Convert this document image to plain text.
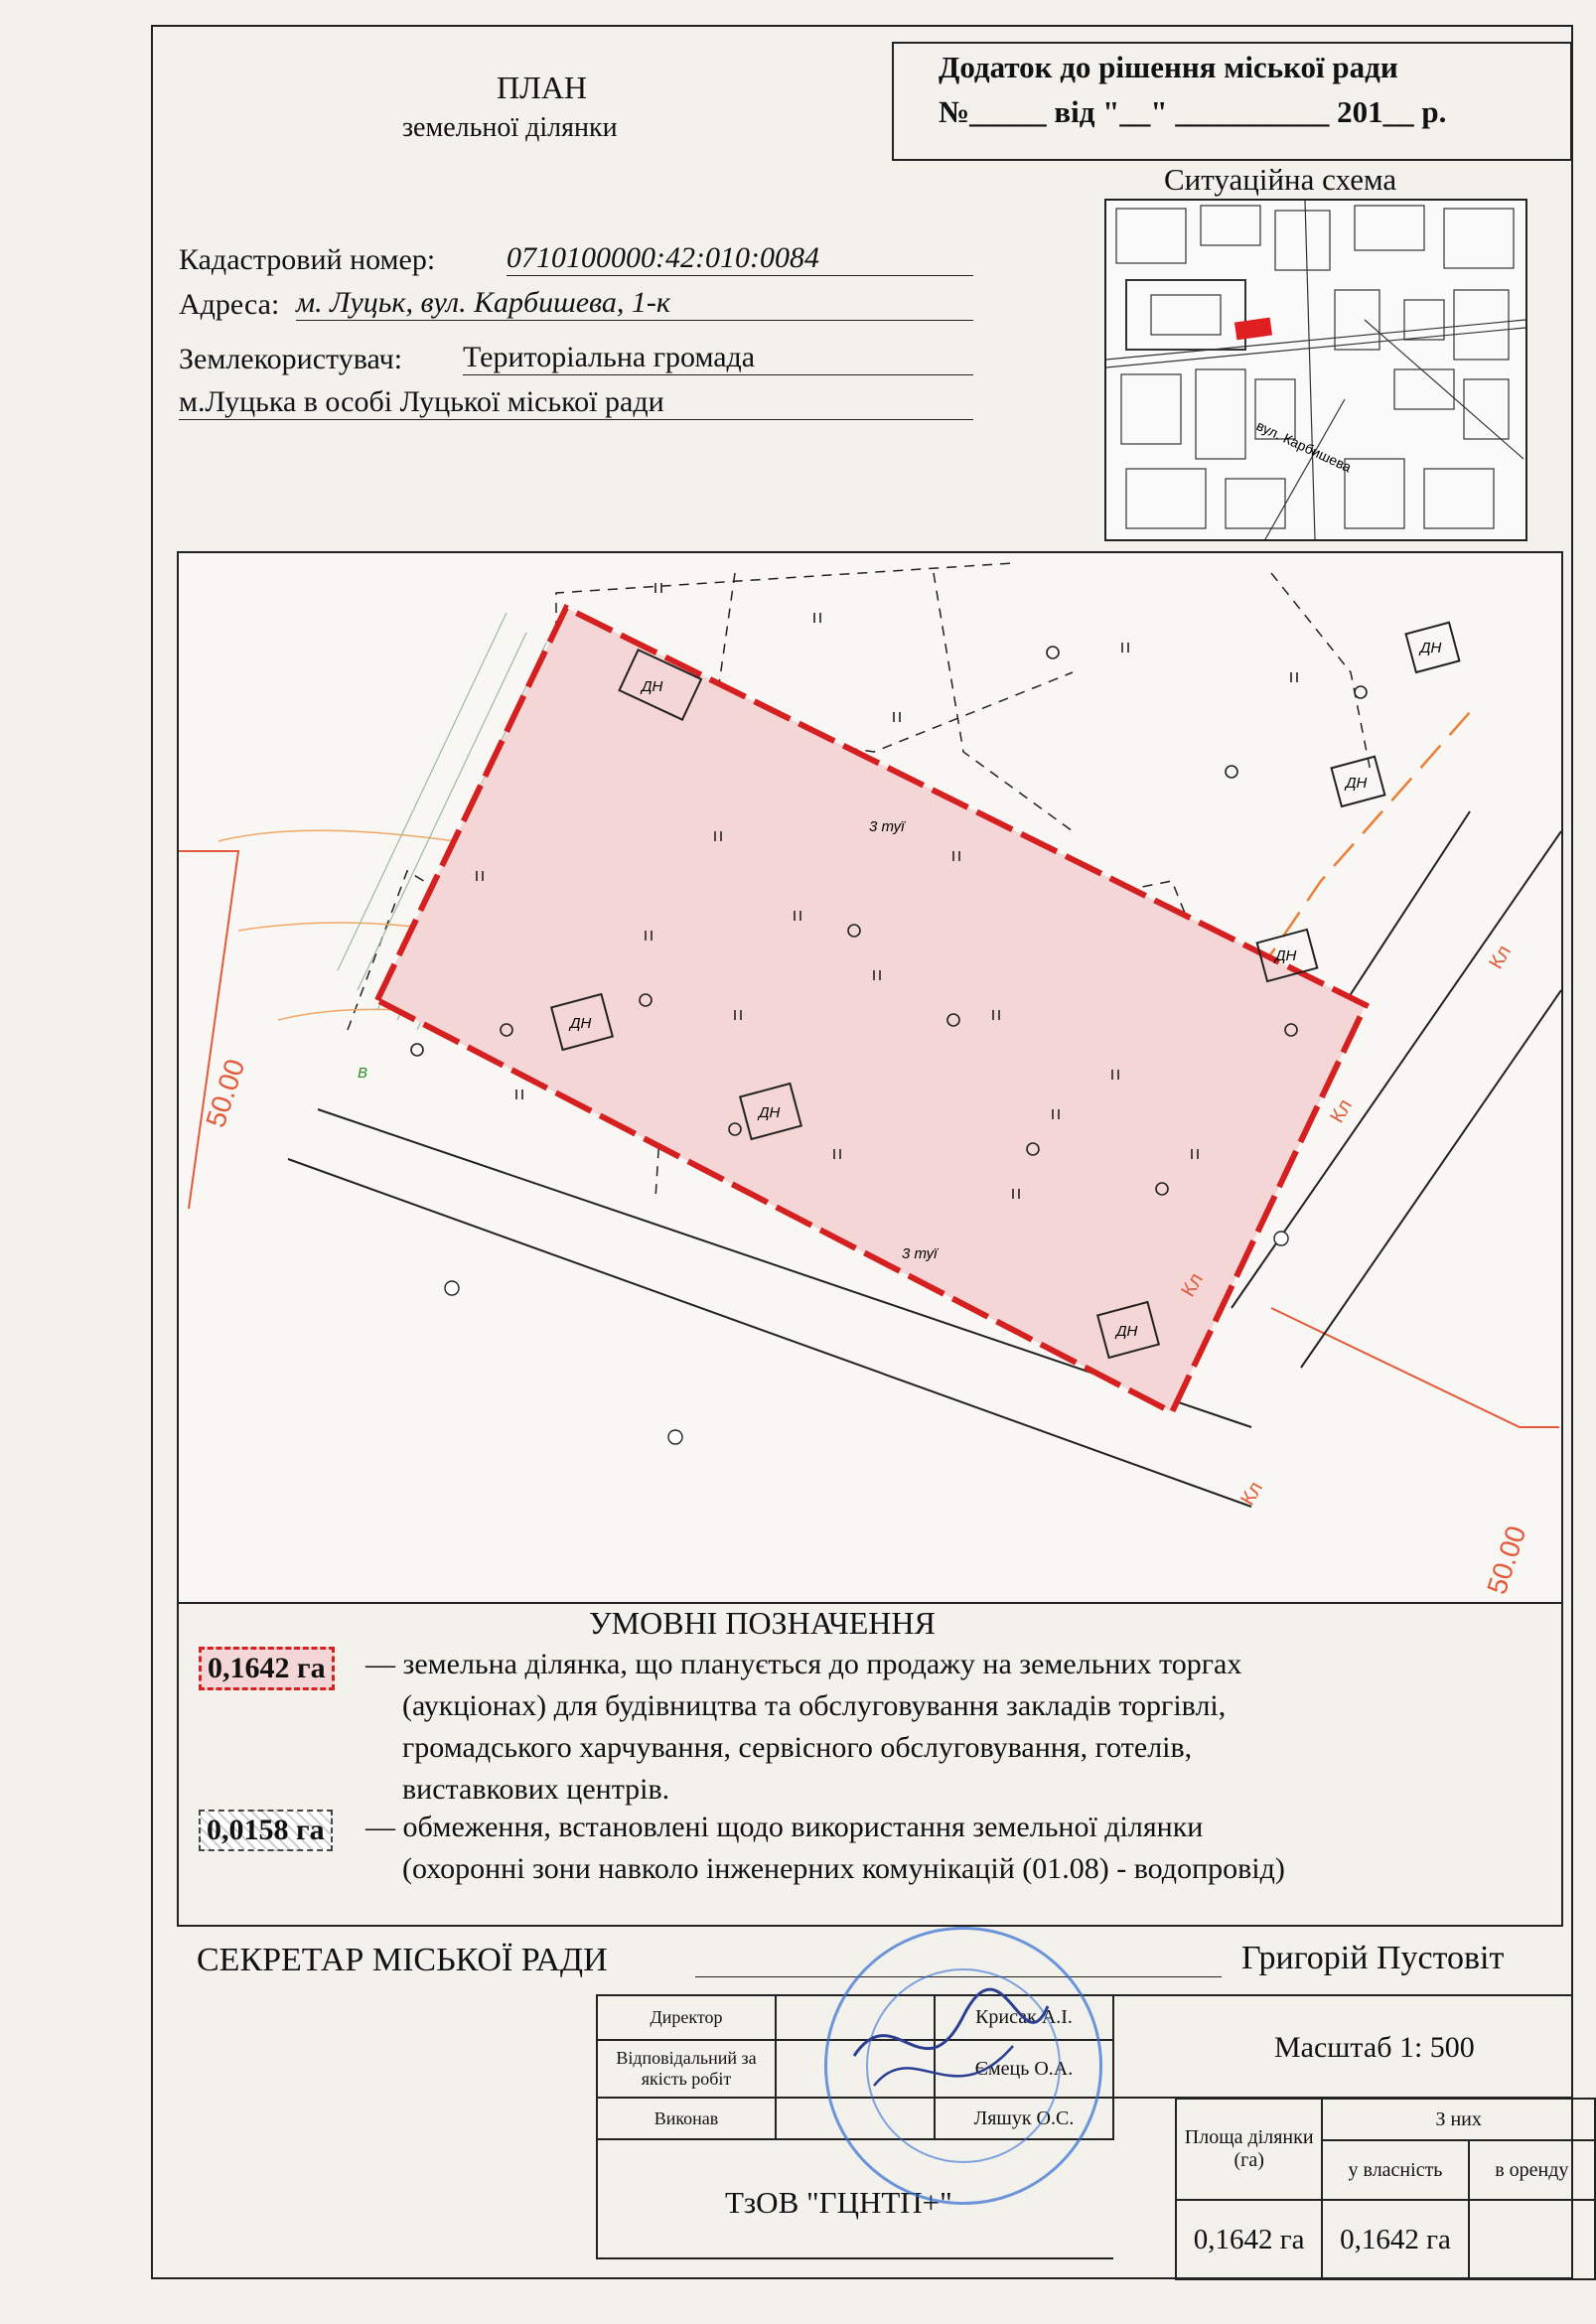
ПЛАН
земельної ділянки
Додаток до рішення міської ради
№_____ від "__" __________ 201__ р.
Ситуаційна схема
вул. Карбишева
Кадастровий номер: 0710100000:42:010:0084
Адреса: м. Луцьк, вул. Карбишева, 1-к
Землекористувач: Територіальна громада
м.Луцька в особі Луцької міської ради
ДН
ДН
ДН
ДН
ДН
ДН
ДН
3 туї
3 туї
В
Кл
Кл
Кл
Кл
50.00
50.00
УМОВНІ ПОЗНАЧЕННЯ
0,1642 га	— земельна ділянка, що планується до продажу на земельних торгах
(аукціонах) для будівництва та обслуговування закладів торгівлі,
громадського харчування, сервісного обслуговування, готелів,
виставкових центрів.
0,0158 га — обмеження, встановлені щодо використання земельної ділянки
(охоронні зони навколо інженерних комунікацій (01.08) - водопровід)
СЕКРЕТАР МІСЬКОЇ РАДИ	Григорій Пустовіт
Директор		Крисак А.І.
Відповідальний за якість робіт		Ємець О.А.
Виконав		Ляшук О.С.

Масштаб 1: 500
ТзОВ "ГЦНТП+"
Площа ділянки (га)	З них	
	у власність	в оренду
0,1642 га	0,1642 га	
